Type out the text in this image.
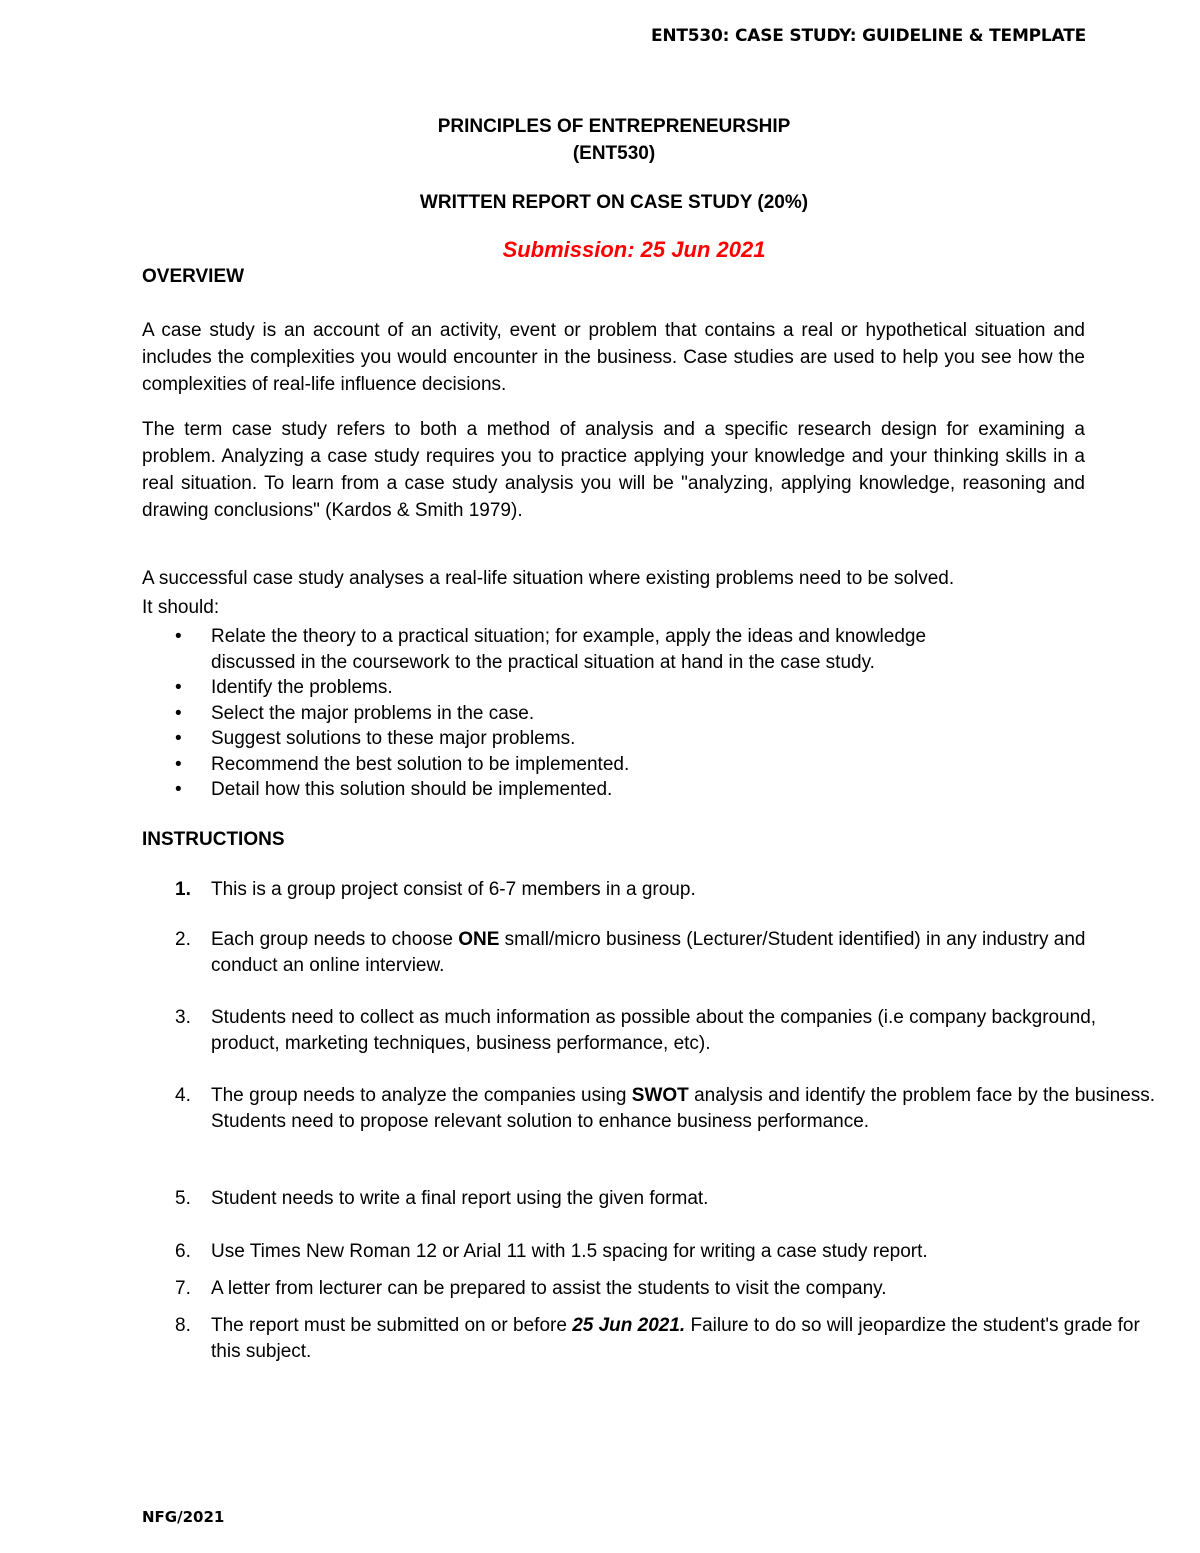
ENT530: CASE STUDY: GUIDELINE & TEMPLATE
PRINCIPLES OF ENTREPRENEURSHIP
(ENT530)
WRITTEN REPORT ON CASE STUDY (20%)
Submission: 25 Jun 2021
OVERVIEW

A case study is an account of an activity, event or problem that contains a real or hypothetical situation and includes the complexities you would encounter in the business. Case studies are used to help you see how the complexities of real-life influence decisions.

The term case study refers to both a method of analysis and a specific research design for examining a problem. Analyzing a case study requires you to practice applying your knowledge and your thinking skills in a real situation. To learn from a case study analysis you will be "analyzing, applying knowledge, reasoning and drawing conclusions" (Kardos & Smith 1979).

A successful case study analyses a real-life situation where existing problems need to be solved.

It should:

• Relate the theory to a practical situation; for example, apply the ideas and knowledge discussed in the coursework to the practical situation at hand in the case study.
• Identify the problems.
• Select the major problems in the case.
• Suggest solutions to these major problems.
• Recommend the best solution to be implemented.
• Detail how this solution should be implemented.
INSTRUCTIONS
1. This is a group project consist of 6-7 members in a group.
2. Each group needs to choose ONE small/micro business (Lecturer/Student identified) in any industry and conduct an online interview.
3. Students need to collect as much information as possible about the companies (i.e company background, product, marketing techniques, business performance, etc).
4. The group needs to analyze the companies using SWOT analysis and identify the problem face by the business. Students need to propose relevant solution to enhance business performance.
5. Student needs to write a final report using the given format.
6. Use Times New Roman 12 or Arial 11 with 1.5 spacing for writing a case study report.
7. A letter from lecturer can be prepared to assist the students to visit the company.
8. The report must be submitted on or before 25 Jun 2021. Failure to do so will jeopardize the student's grade for this subject.
NFG/2021
